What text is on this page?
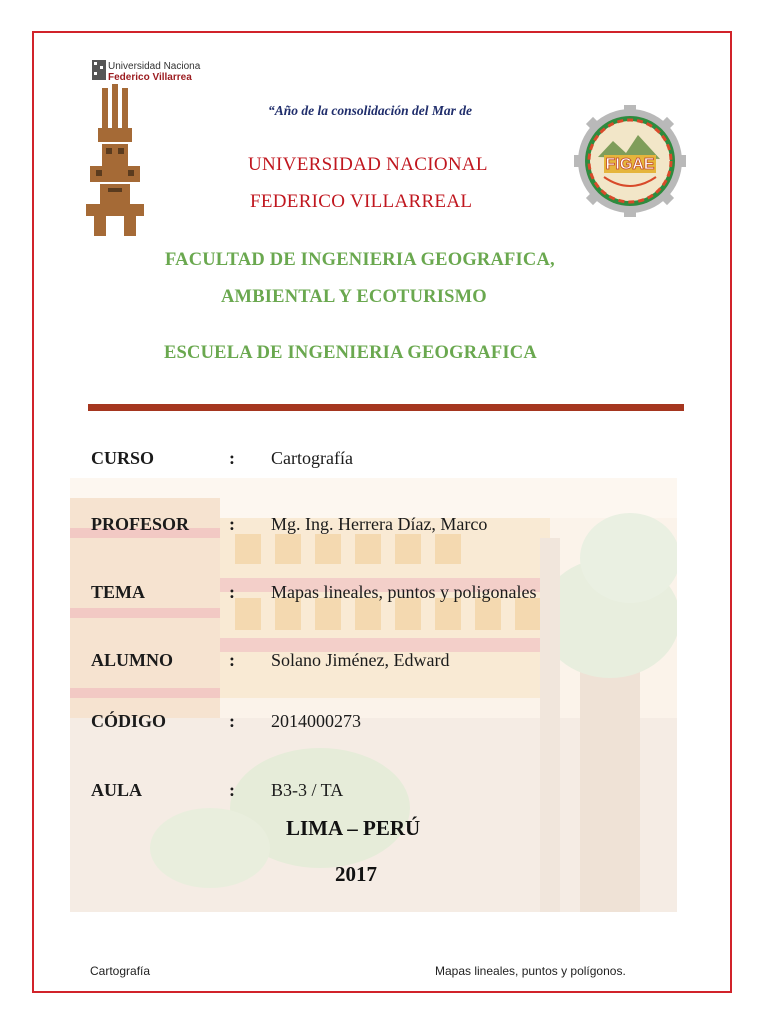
Universidad Naciona
Federico Villarrea
FIGAE
“Año de la consolidación del Mar de
UNIVERSIDAD NACIONAL
FEDERICO VILLARREAL
FACULTAD DE INGENIERIA GEOGRAFICA,
AMBIENTAL Y ECOTURISMO
ESCUELA DE INGENIERIA GEOGRAFICA
CURSO	: Cartografía
PROFESOR : Mg. Ing. Herrera Díaz, Marco
TEMA	: Mapas lineales, puntos y poligonales
ALUMNO	: Solano Jiménez, Edward
CÓDIGO	: 2014000273
AULA	: B3-3 / TA
LIMA – PERÚ
2017
Cartografía	Mapas lineales, puntos y polígonos.
